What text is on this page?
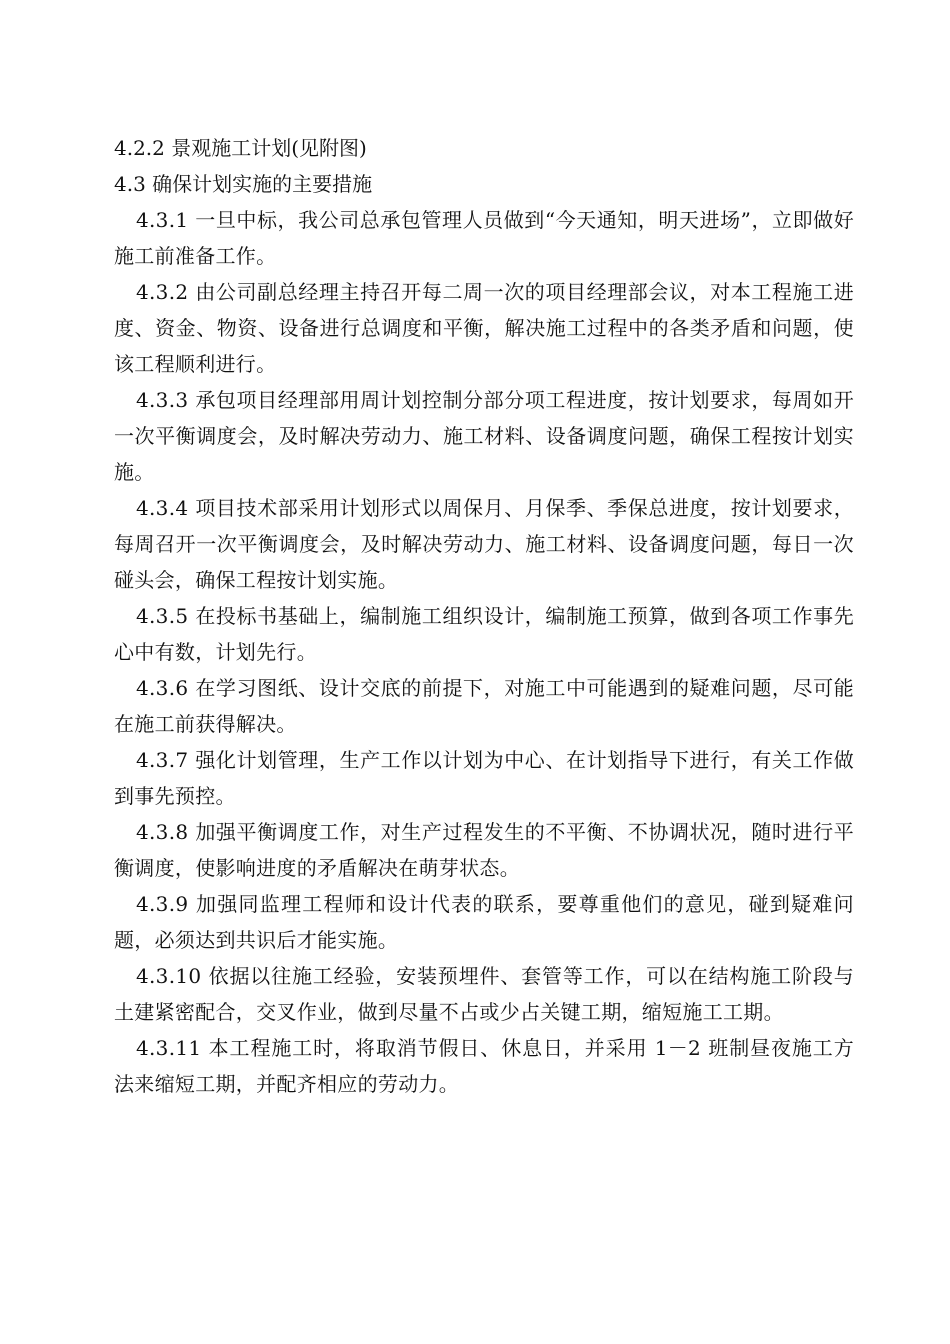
4.2.2 景观施工计划(见附图)

4.3 确保计划实施的主要措施

4.3.1 一旦中标，我公司总承包管理人员做到“今天通知，明天进场”，立即做好施工前准备工作。

4.3.2 由公司副总经理主持召开每二周一次的项目经理部会议，对本工程施工进度、资金、物资、设备进行总调度和平衡，解决施工过程中的各类矛盾和问题，使该工程顺利进行。

4.3.3 承包项目经理部用周计划控制分部分项工程进度，按计划要求，每周如开一次平衡调度会，及时解决劳动力、施工材料、设备调度问题，确保工程按计划实施。

4.3.4 项目技术部采用计划形式以周保月、月保季、季保总进度，按计划要求，每周召开一次平衡调度会，及时解决劳动力、施工材料、设备调度问题，每日一次碰头会，确保工程按计划实施。

4.3.5 在投标书基础上，编制施工组织设计，编制施工预算，做到各项工作事先心中有数，计划先行。

4.3.6 在学习图纸、设计交底的前提下，对施工中可能遇到的疑难问题，尽可能在施工前获得解决。

4.3.7 强化计划管理，生产工作以计划为中心、在计划指导下进行，有关工作做到事先预控。

4.3.8 加强平衡调度工作，对生产过程发生的不平衡、不协调状况，随时进行平衡调度，使影响进度的矛盾解决在萌芽状态。

4.3.9 加强同监理工程师和设计代表的联系，要尊重他们的意见，碰到疑难问题，必须达到共识后才能实施。

4.3.10 依据以往施工经验，安装预埋件、套管等工作，可以在结构施工阶段与土建紧密配合，交叉作业，做到尽量不占或少占关键工期，缩短施工工期。

4.3.11 本工程施工时，将取消节假日、休息日，并采用 1－2 班制昼夜施工方法来缩短工期，并配齐相应的劳动力。
